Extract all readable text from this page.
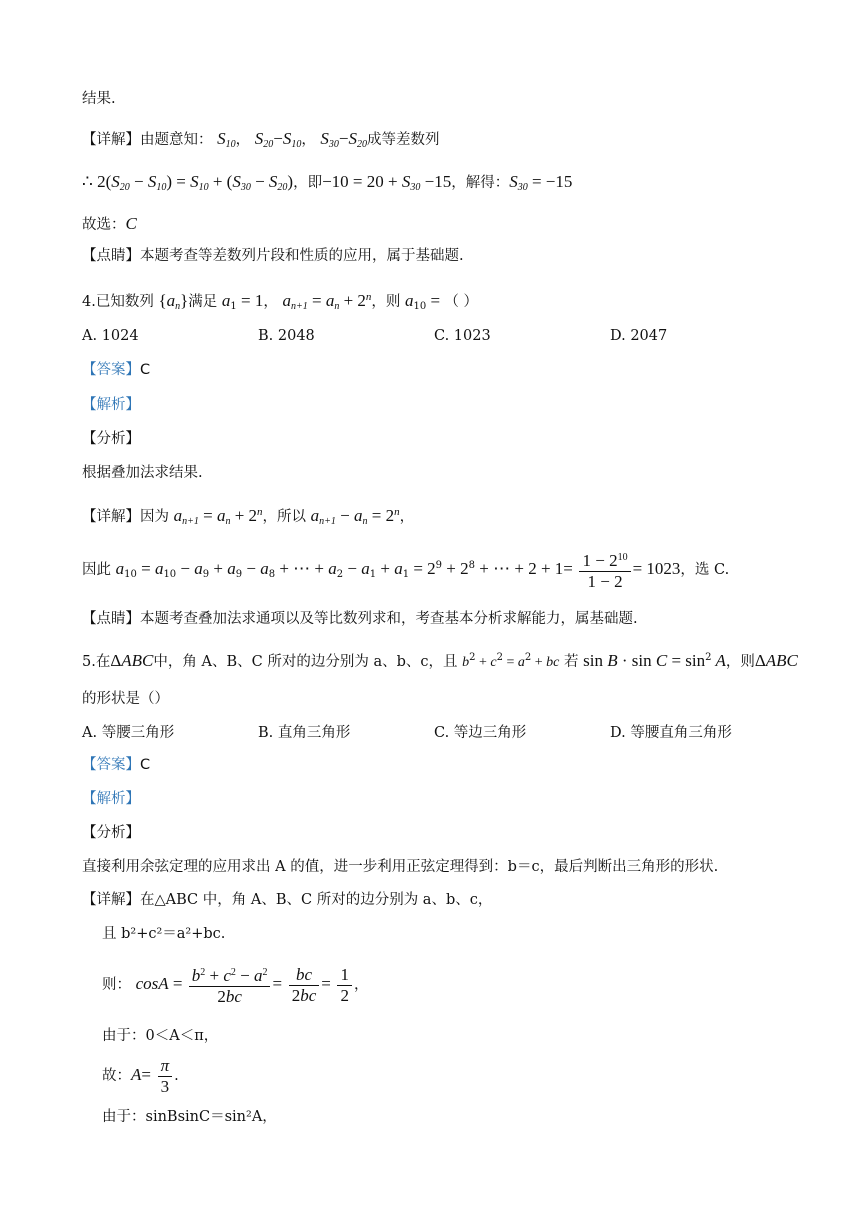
结果.
【详解】由题意知： $S_{10}$， $S_{20}-S_{10}$， $S_{30}-S_{20}$成等差数列
∴ $2(S_{20} - S_{10}) = S_{10} + (S_{30} - S_{20})$，即$-10 = 20 + S_{30} -15$，解得：$S_{30} = -15$
故选：C
【点睛】本题考查等差数列片段和性质的应用，属于基础题.
4.已知数列 $\{a_n\}$满足 $a_1 = 1$， $a_{n+1} = a_n + 2^n$，则 $a_{10}$ = （ ）
A. 1024	B. 2048	C. 1023	D. 2047
【答案】C
【解析】
【分析】
根据叠加法求结果.
【详解】因为 $a_{n+1} = a_n + 2^n$，所以 $a_{n+1} - a_n = 2^n$，
因此 $a_{10} = a_{10} - a_9 + a_9 - a_8$ + ⋯ + $a_2 - a_1 + a_1 = 2^9 + 2^8$ + ⋯ + $2 + 1= \frac{1 - 2^{10}}{1 - 2} = 1023$，选 C.
【点睛】本题考查叠加法求通项以及等比数列求和，考查基本分析求解能力，属基础题.
5.在ΔABC中，角 A、B、C 所对的边分别为 a、b、c，且 $b^2 + c^2 = a^2$ + bc 若 $\sin B \cdot \sin C = \sin^2 A$，则ΔABC
的形状是（）
A. 等腰三角形	B. 直角三角形	C. 等边三角形	D. 等腰直角三角形
【答案】C
【解析】
【分析】
直接利用余弦定理的应用求出 A 的值，进一步利用正弦定理得到：b＝c，最后判断出三角形的形状.
【详解】在△ABC 中，角 A、B、C 所对的边分别为 a、b、c，
且 b²+c²＝a²+bc.
则： $\cos A = \frac{b^2 + c^2 - a^2}{2bc} = \frac{bc}{2bc} = \frac{1}{2}$ ，
由于：0＜A＜π，
故：$A= \frac{\pi}{3}$ .
由于：sinBsinC＝sin²A，
